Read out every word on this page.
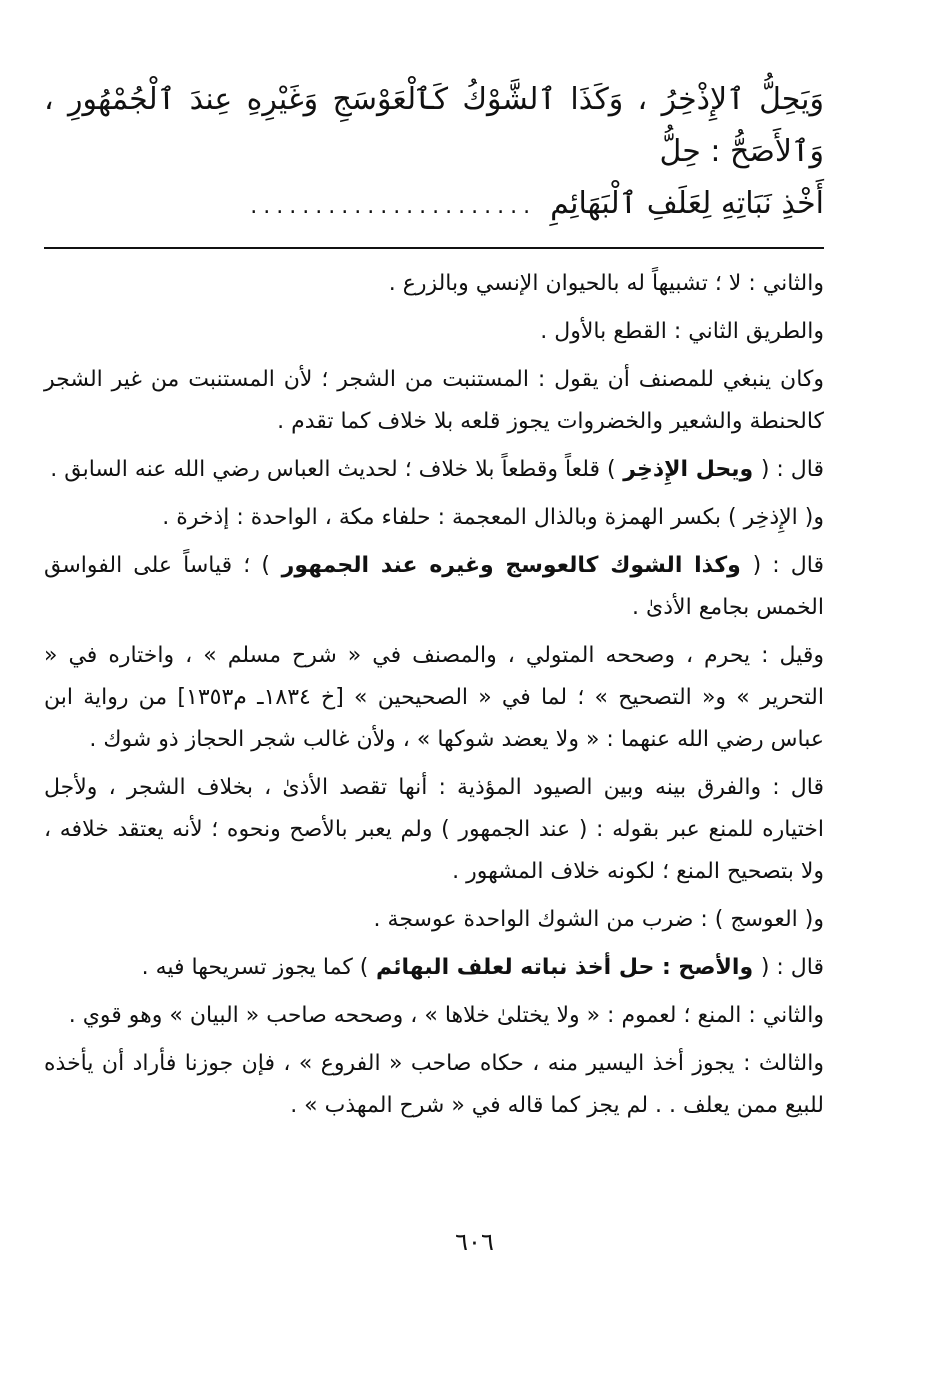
وَيَحِلُّ ٱلإِذْخِرُ ، وَكَذَا ٱلشَّوْكُ كَٱلْعَوْسَجِ وَغَيْرِهِ عِندَ ٱلْجُمْهُورِ ، وَٱلأَصَحُّ : حِلُّ
أَخْذِ نَبَاتِهِ لِعَلَفِ ٱلْبَهَائِمِ
......................

والثاني : لا ؛ تشبيهاً له بالحيوان الإنسي وبالزرع .

والطريق الثاني : القطع بالأول .

وكان ينبغي للمصنف أن يقول : المستنبت من الشجر ؛ لأن المستنبت من غير الشجر كالحنطة والشعير والخضروات يجوز قلعه بلا خلاف كما تقدم .

قال : ( ويحل الإِذخِر ) قلعاً وقطعاً بلا خلاف ؛ لحديث العباس رضي الله عنه السابق .

و( الإِذخِر ) بكسر الهمزة وبالذال المعجمة : حلفاء مكة ، الواحدة : إذخرة .

قال : ( وكذا الشوك كالعوسج وغيره عند الجمهور ) ؛ قياساً على الفواسق الخمس بجامع الأذىٰ .

وقيل : يحرم ، وصححه المتولي ، والمصنف في « شرح مسلم » ، واختاره في « التحرير » و« التصحيح » ؛ لما في « الصحيحين » [خ ١٨٣٤ـ م١٣٥٣] من رواية ابن عباس رضي الله عنهما : « ولا يعضد شوكها » ، ولأن غالب شجر الحجاز ذو شوك .

قال : والفرق بينه وبين الصيود المؤذية : أنها تقصد الأذىٰ ، بخلاف الشجر ، ولأجل اختياره للمنع عبر بقوله : ( عند الجمهور ) ولم يعبر بالأصح ونحوه ؛ لأنه يعتقد خلافه ، ولا بتصحيح المنع ؛ لكونه خلاف المشهور .

و( العوسج ) : ضرب من الشوك الواحدة عوسجة .

قال : ( والأصح : حل أخذ نباته لعلف البهائم ) كما يجوز تسريحها فيه .

والثاني : المنع ؛ لعموم : « ولا يختلىٰ خلاها » ، وصححه صاحب « البيان » وهو قوي .

والثالث : يجوز أخذ اليسير منه ، حكاه صاحب « الفروع » ، فإن جوزنا فأراد أن يأخذه للبيع ممن يعلف . . لم يجز كما قاله في « شرح المهذب » .

٦٠٦
